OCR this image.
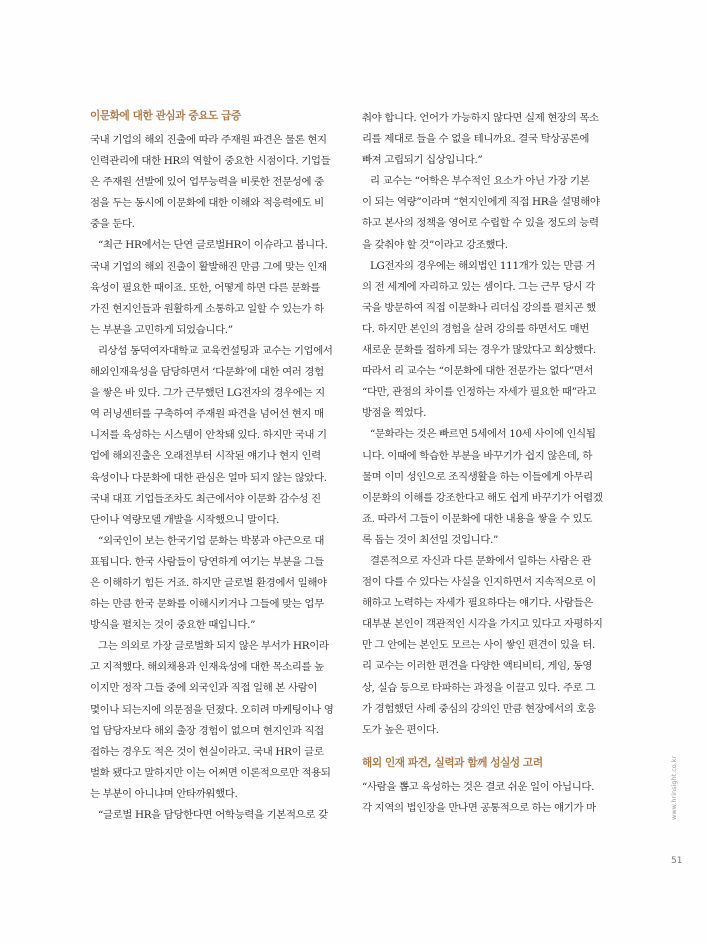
이문화에 대한 관심과 중요도 급증
국내 기업의 해외 진출에 따라 주재원 파견은 물론 현지
인력관리에 대한 HR의 역할이 중요한 시점이다. 기업들
은 주재원 선발에 있어 업무능력을 비롯한 전문성에 중
점을 두는 동시에 이문화에 대한 이해와 적응력에도 비
중을 둔다.
“최근 HR에서는 단연 글로벌HR이 이슈라고 봅니다.
국내 기업의 해외 진출이 활발해진 만큼 그에 맞는 인재
육성이 필요한 때이죠. 또한, 어떻게 하면 다른 문화를
가진 현지인들과 원활하게 소통하고 일할 수 있는가 하
는 부분을 고민하게 되었습니다.”
리상섭 동덕여자대학교 교육컨설팅과 교수는 기업에서
해외인재육성을 담당하면서 ‘다문화’에 대한 여러 경험
을 쌓은 바 있다. 그가 근무했던 LG전자의 경우에는 지
역 러닝센터를 구축하여 주재원 파견을 넘어선 현지 매
니저를 육성하는 시스템이 안착돼 있다. 하지만 국내 기
업에 해외진출은 오래전부터 시작된 얘기나 현지 인력
육성이나 다문화에 대한 관심은 얼마 되지 않는 않았다.
국내 대표 기업들조차도 최근에서야 이문화 감수성 진
단이나 역량모델 개발을 시작했으니 말이다.
“외국인이 보는 한국기업 문화는 박봉과 야근으로 대
표됩니다. 한국 사람들이 당연하게 여기는 부분을 그들
은 이해하기 힘든 거죠. 하지만 글로벌 환경에서 일해야
하는 만큼 한국 문화를 이해시키거나 그들에 맞는 업무
방식을 펼치는 것이 중요한 때입니다.”
그는 의외로 가장 글로벌화 되지 않은 부서가 HR이라
고 지적했다. 해외채용과 인재육성에 대한 목소리를 높
이지만 정작 그들 중에 외국인과 직접 일해 본 사람이
몇이나 되는지에 의문점을 던졌다. 오히려 마케팅이나 영
업 담당자보다 해외 출장 경험이 없으며 현지인과 직접
접하는 경우도 적은 것이 현실이라고. 국내 HR이 글로
벌화 됐다고 말하지만 이는 어쩌면 이론적으로만 적용되
는 부분이 아니냐며 안타까워했다.
“글로벌 HR을 담당한다면 어학능력을 기본적으로 갖
춰야 합니다. 언어가 가능하지 않다면 실제 현장의 목소
리를 제대로 들을 수 없을 테니까요. 결국 탁상공론에
빠져 고립되기 십상입니다.”
리 교수는 “어학은 부수적인 요소가 아닌 가장 기본
이 되는 역량”이라며 “현지인에게 직접 HR을 설명해야
하고 본사의 정책을 영어로 수립할 수 있을 정도의 능력
을 갖춰야 할 것”이라고 강조했다.
LG전자의 경우에는 해외법인 111개가 있는 만큼 거
의 전 세계에 자리하고 있는 셈이다. 그는 근무 당시 각
국을 방문하여 직접 이문화나 리더십 강의를 펼치곤 했
다. 하지만 본인의 경험을 살려 강의를 하면서도 매번
새로운 문화를 접하게 되는 경우가 많았다고 회상했다.
따라서 리 교수는 “이문화에 대한 전문가는 없다”면서
“다만, 관점의 차이를 인정하는 자세가 필요한 때”라고
방점을 찍었다.
“문화라는 것은 빠르면 5세에서 10세 사이에 인식됩
니다. 이때에 학습한 부분을 바꾸기가 쉽지 않은데, 하
물며 이미 성인으로 조직생활을 하는 이들에게 아무리
이문화의 이해를 강조한다고 해도 쉽게 바꾸기가 어렵겠
죠. 따라서 그들이 이문화에 대한 내용을 쌓을 수 있도
록 돕는 것이 최선일 것입니다.”
결론적으로 자신과 다른 문화에서 일하는 사람은 관
점이 다를 수 있다는 사실을 인지하면서 지속적으로 이
해하고 노력하는 자세가 필요하다는 얘기다. 사람들은
대부분 본인이 객관적인 시각을 가지고 있다고 자평하지
만 그 안에는 본인도 모르는 사이 쌓인 편견이 있을 터.
리 교수는 이러한 편견을 다양한 액티비티, 게임, 동영
상, 실습 등으로 타파하는 과정을 이끌고 있다. 주로 그
가 경험했던 사례 중심의 강의인 만큼 현장에서의 호응
도가 높은 편이다.
해외 인재 파견, 실력과 함께 성실성 고려
“사람을 뽑고 육성하는 것은 결코 쉬운 일이 아닙니다.
각 지역의 법인장을 만나면 공통적으로 하는 얘기가 마	www.hrinsight.co.kr
51
